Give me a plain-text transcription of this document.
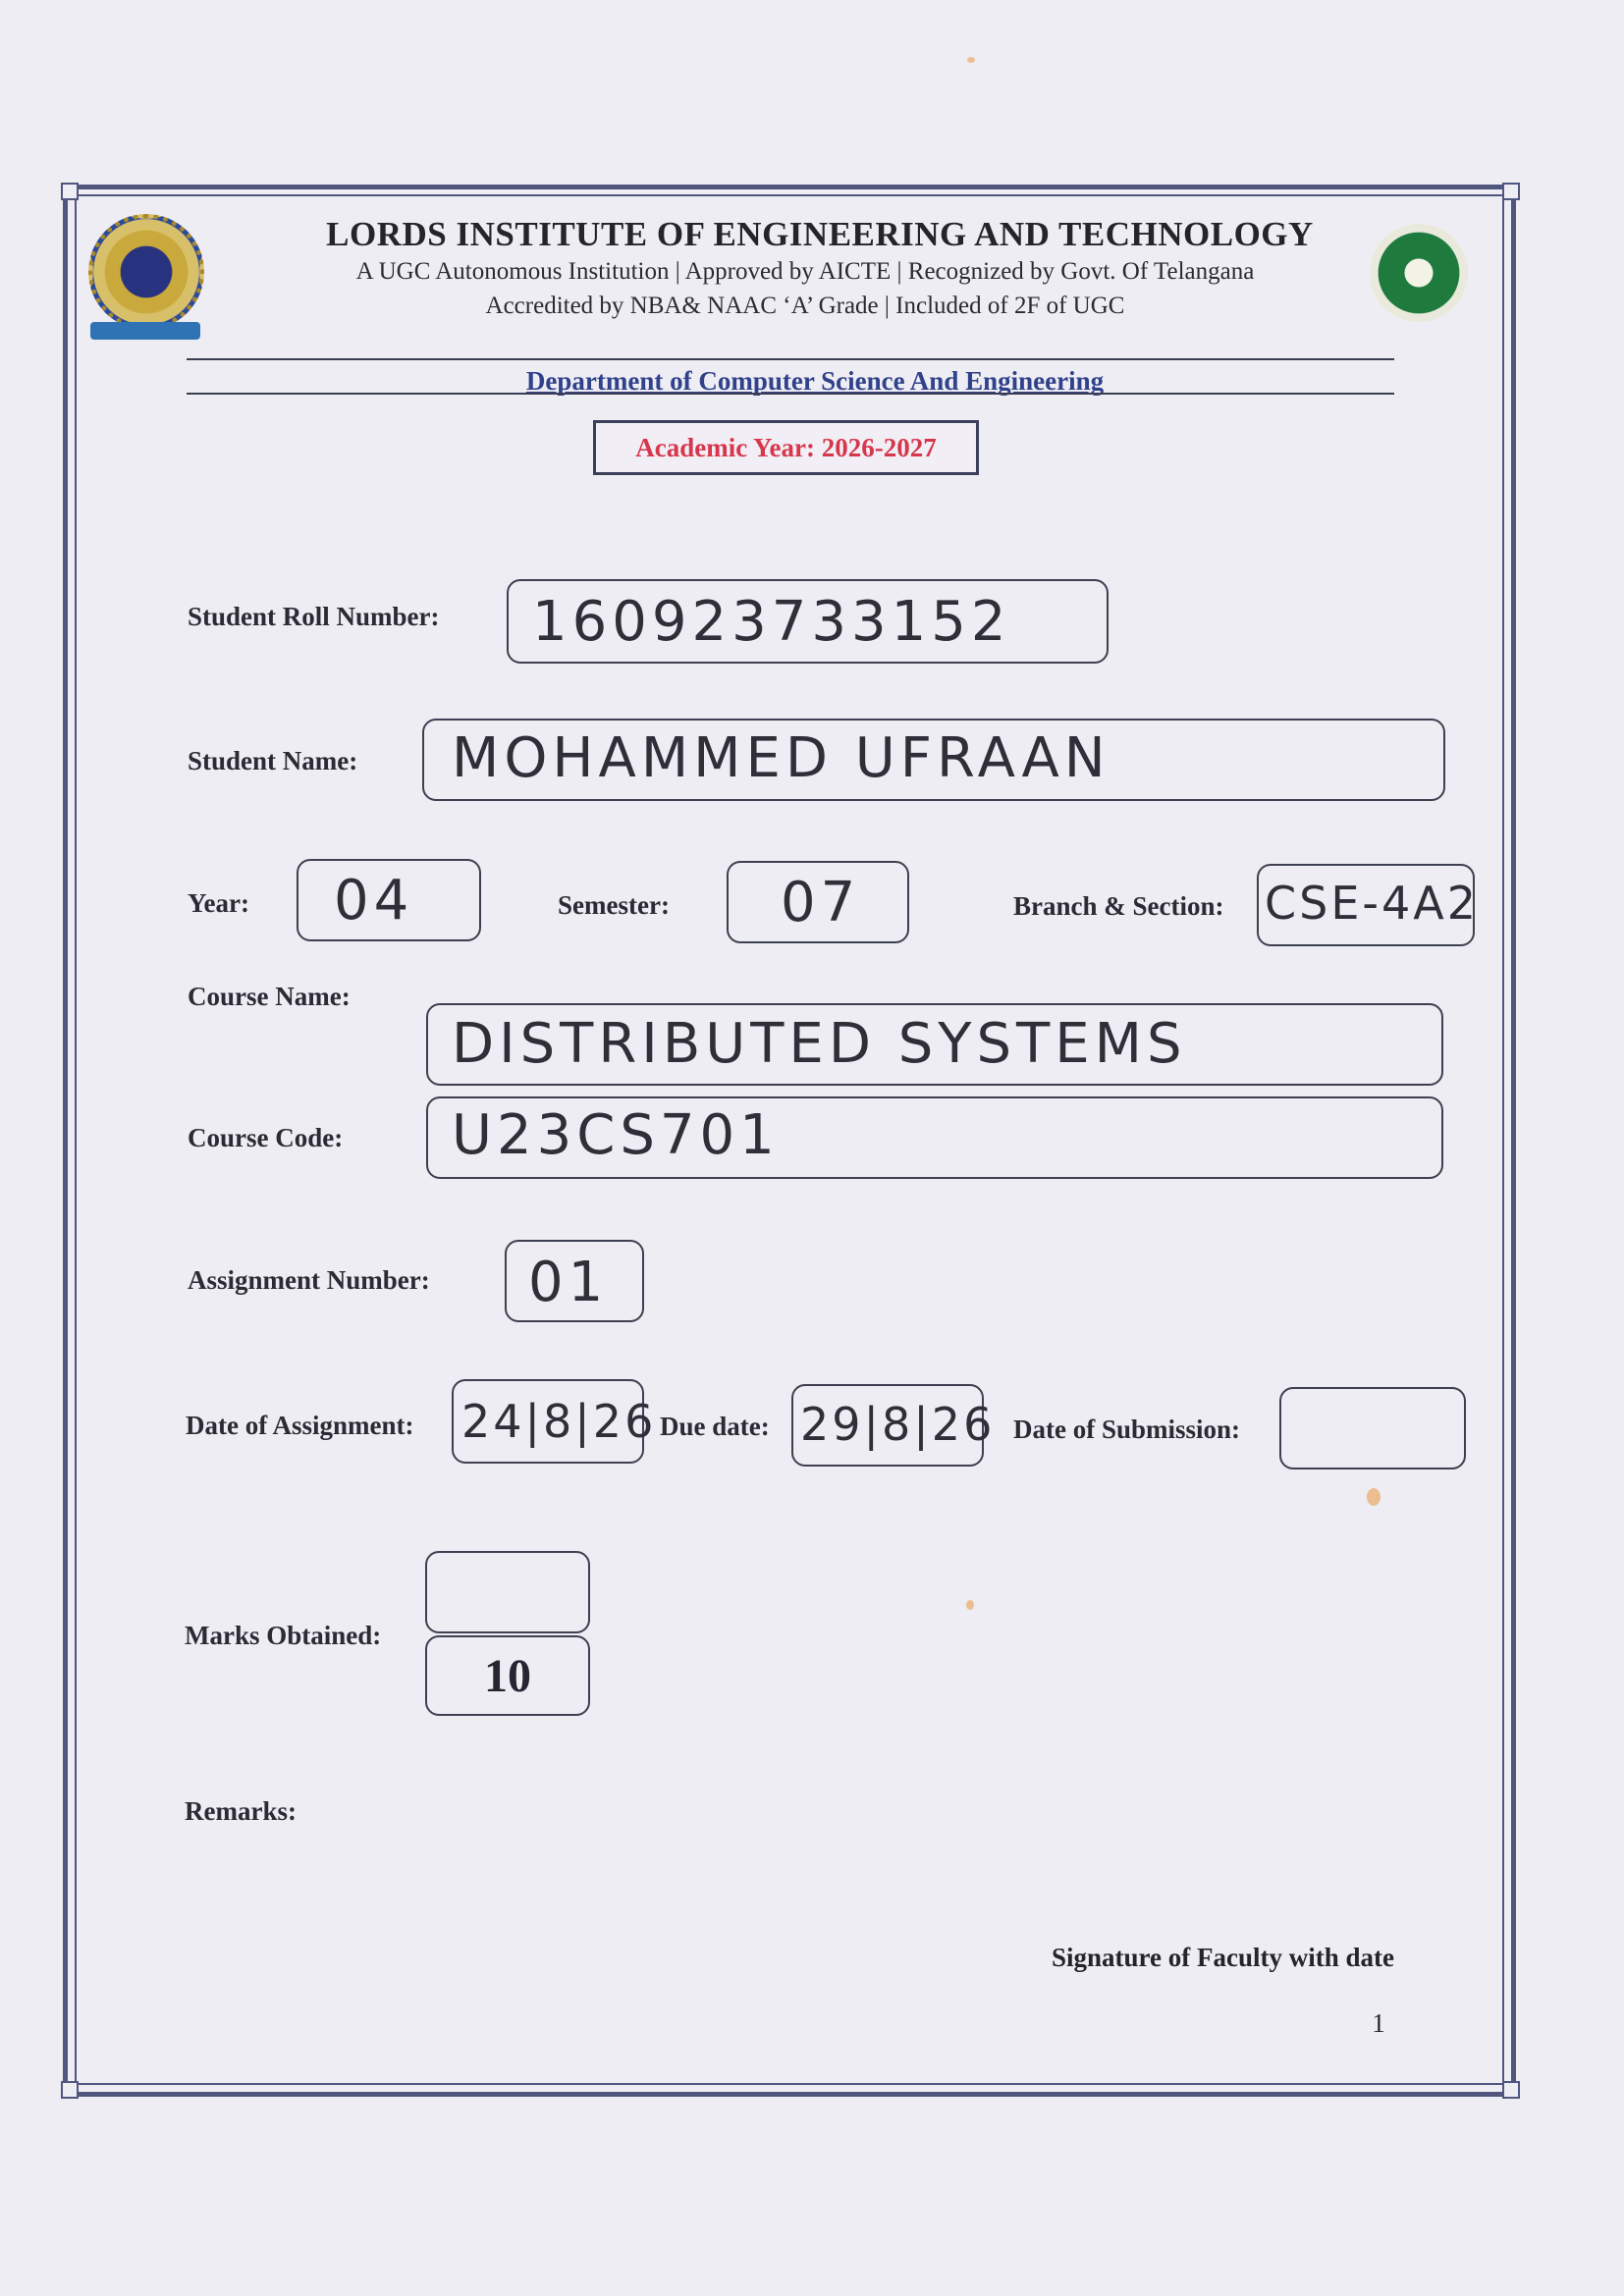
LORDS INSTITUTE OF ENGINEERING AND TECHNOLOGY
A UGC Autonomous Institution | Approved by AICTE | Recognized by Govt. Of Telangana
Accredited by NBA& NAAC ‘A’ Grade | Included of 2F of UGC
Department of Computer Science And Engineering
Academic Year: 2026-2027
Student Roll Number: 160923733152
Student Name: MOHAMMED UFRAAN
Year: 04	Semester: 07	Branch & Section: CSE-4A2
Course Name:
DISTRIBUTED SYSTEMS
Course Code: U23CS701
Assignment Number: 01
Date of Assignment: 24|8|26 Due date: 29|8|26 Date of Submission:
Marks Obtained:
10
Remarks:
Signature of Faculty with date
1
